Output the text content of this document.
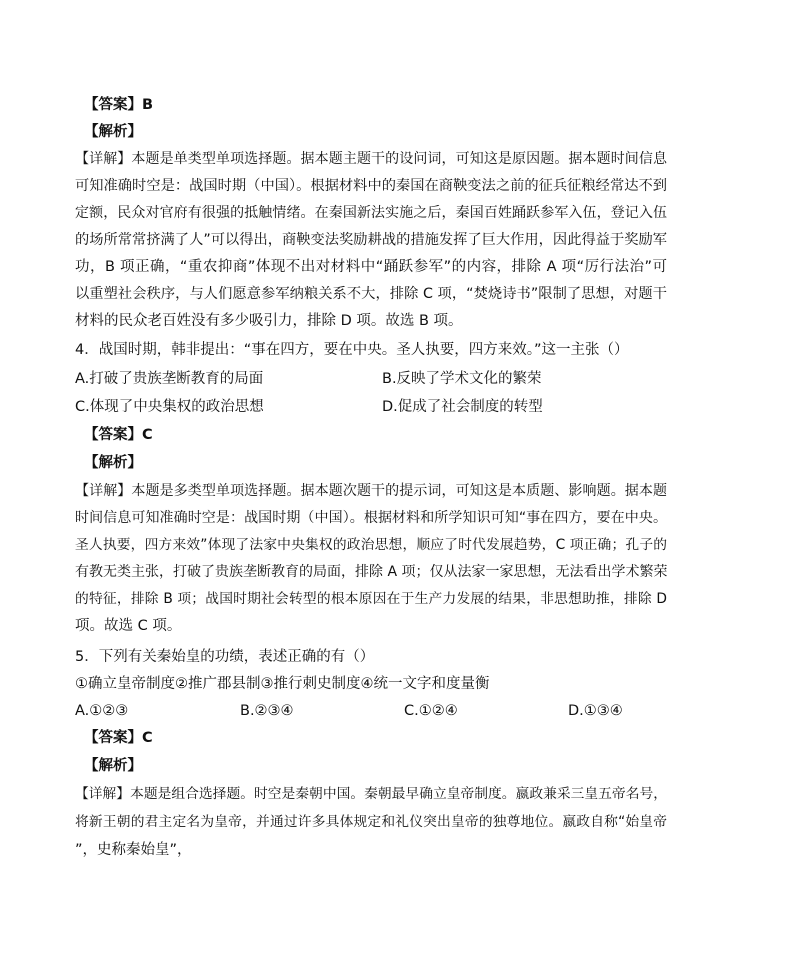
【答案】B
【解析】
【详解】本题是单类型单项选择题。据本题主题干的设问词，可知这是原因题。据本题时间信息
可知准确时空是：战国时期（中国）。根据材料中的秦国在商鞅变法之前的征兵征粮经常达不到
定额，民众对官府有很强的抵触情绪。在秦国新法实施之后，秦国百姓踊跃参军入伍，登记入伍
的场所常常挤满了人”可以得出，商鞅变法奖励耕战的措施发挥了巨大作用，因此得益于奖励军
功，B 项正确，“重农抑商”体现不出对材料中“踊跃参军”的内容，排除 A 项“厉行法治”可
以重塑社会秩序，与人们愿意参军纳粮关系不大，排除 C 项，“焚烧诗书”限制了思想，对题干
材料的民众老百姓没有多少吸引力，排除 D 项。故选 B 项。
4．战国时期，韩非提出：“事在四方，要在中央。圣人执要，四方来效。”这一主张（）
A.打破了贵族垄断教育的局面	B.反映了学术文化的繁荣
C.体现了中央集权的政治思想	D.促成了社会制度的转型
【答案】C
【解析】
【详解】本题是多类型单项选择题。据本题次题干的提示词，可知这是本质题、影响题。据本题
时间信息可知准确时空是：战国时期（中国）。根据材料和所学知识可知“事在四方，要在中央。
圣人执要，四方来效”体现了法家中央集权的政治思想，顺应了时代发展趋势，C 项正确；孔子的
有教无类主张，打破了贵族垄断教育的局面，排除 A 项；仅从法家一家思想，无法看出学术繁荣
的特征，排除 B 项；战国时期社会转型的根本原因在于生产力发展的结果，非思想助推，排除 D
项。故选 C 项。
5．下列有关秦始皇的功绩，表述正确的有（）
①确立皇帝制度②推广郡县制③推行刺史制度④统一文字和度量衡
A.①②③	B.②③④	C.①②④	D.①③④
【答案】C
【解析】
【详解】本题是组合选择题。时空是秦朝中国。秦朝最早确立皇帝制度。嬴政兼采三皇五帝名号，
将新王朝的君主定名为皇帝，并通过许多具体规定和礼仪突出皇帝的独尊地位。嬴政自称“始皇帝
”，史称秦始皇”，
